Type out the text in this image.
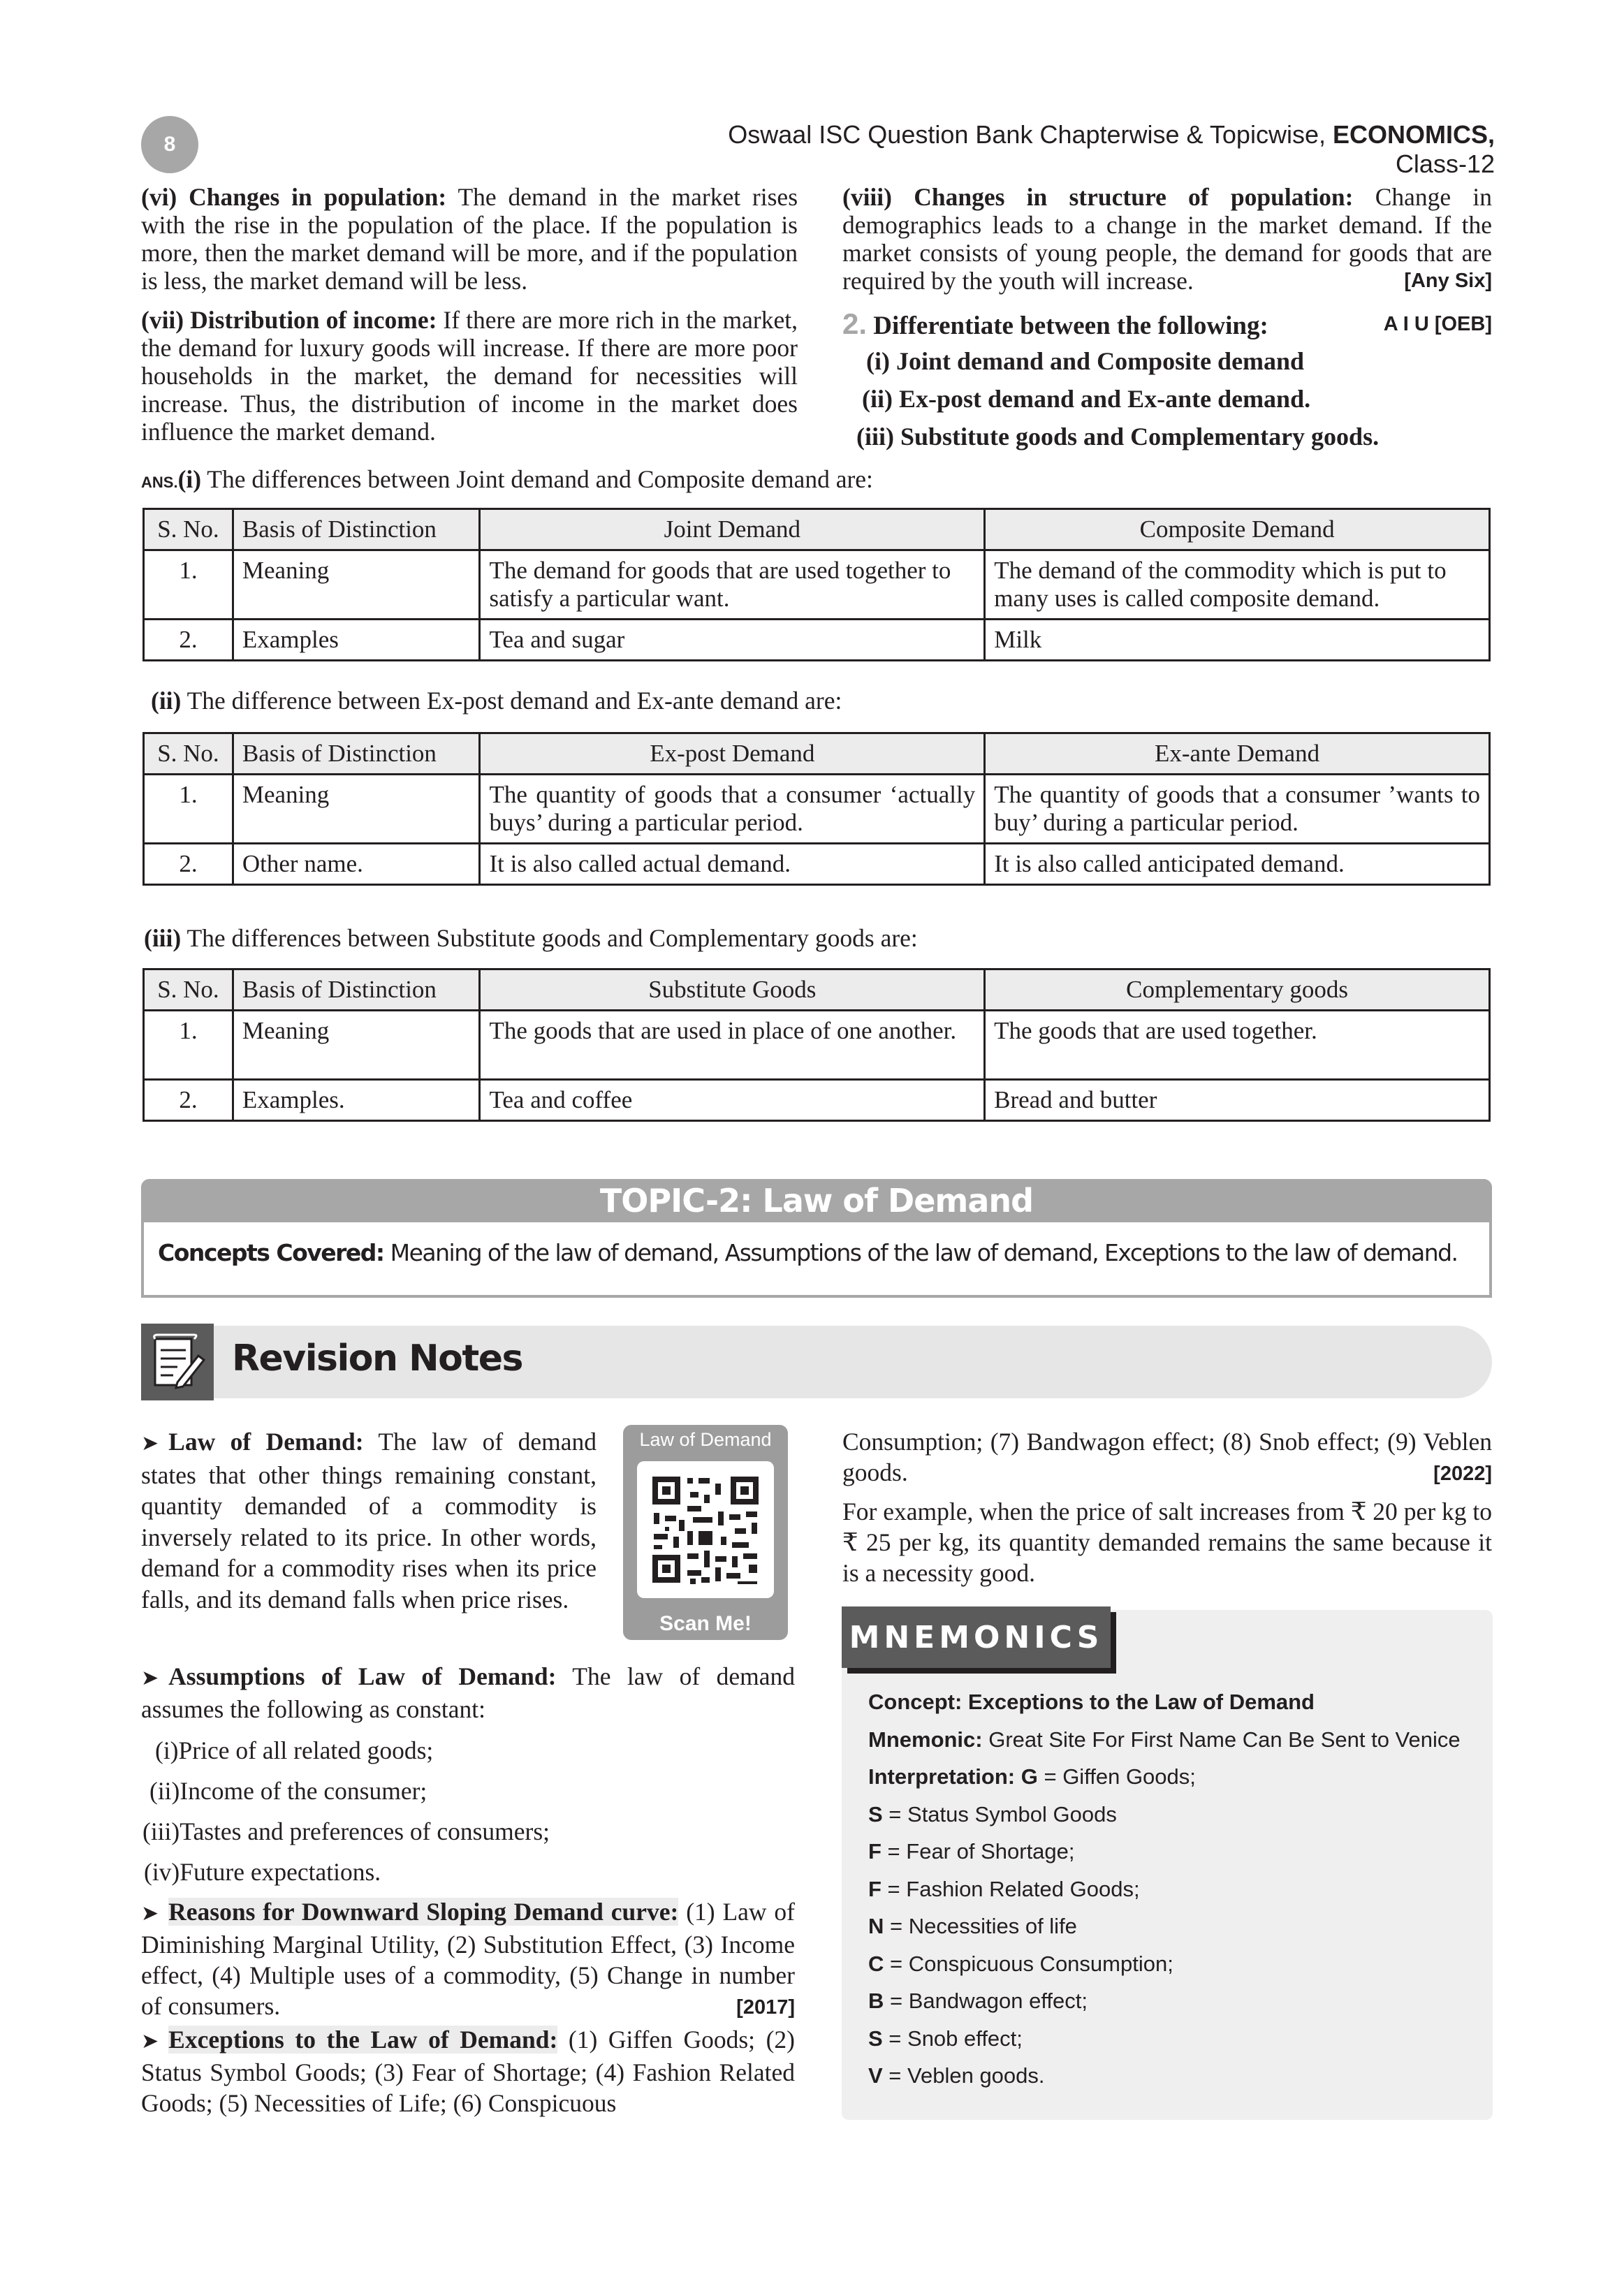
8	Oswaal ISC Question Bank Chapterwise & Topicwise, ECONOMICS, Class-12

(vi) Changes in population: The demand in the market rises with the rise in the population of the place. If the population is more, then the market demand will be more, and if the population is less, the market demand will be less.

(vii) Distribution of income: If there are more rich in the market, the demand for luxury goods will increase. If there are more poor households in the market, the demand for necessities will increase. Thus, the distribution of income in the market does influence the market demand.

(viii) Changes in structure of population: Change in demographics leads to a change in the market demand. If the market consists of young people, the demand for goods that are required by the youth will increase.	[Any Six]

2. Differentiate between the following:	A I U [OEB]
(i) Joint demand and Composite demand
(ii) Ex-post demand and Ex-ante demand.
(iii) Substitute goods and Complementary goods.
ANS.(i) The differences between Joint demand and Composite demand are:
S. No.	Basis of Distinction	Joint Demand	Composite Demand
1.	Meaning	The demand for goods that are used together to satisfy a particular want.	The demand of the commodity which is put to many uses is called composite demand.
2.	Examples	Tea and sugar	Milk
(ii) The difference between Ex-post demand and Ex-ante demand are:
S. No.	Basis of Distinction	Ex-post Demand	Ex-ante Demand
1.	Meaning	The quantity of goods that a consumer ‘actually buys’ during a particular period.	The quantity of goods that a consumer ’wants to buy’ during a particular period.
2.	Other name.	It is also called actual demand.	It is also called anticipated demand.
(iii) The differences between Substitute goods and Complementary goods are:
S. No.	Basis of Distinction	Substitute Goods	Complementary goods
1.	Meaning	The goods that are used in place of one another.	The goods that are used together.
2.	Examples.	Tea and coffee	Bread and butter
TOPIC-2: Law of Demand
Concepts Covered: Meaning of the law of demand, Assumptions of the law of demand, Exceptions to the law of demand.
Revision Notes
➤ Law of Demand: The law of demand states that other things remaining constant, quantity demanded of a commodity is inversely related to its price. In other words, demand for a commodity rises when its price falls, and its demand falls when price rises.
Law of Demand
Scan Me!

➤ Assumptions of Law of Demand: The law of demand assumes the following as constant:

(i)Price of all related goods;
(ii)Income of the consumer;
(iii)Tastes and preferences of consumers;
(iv)Future expectations.

➤ Reasons for Downward Sloping Demand curve: (1) Law of Diminishing Marginal Utility, (2) Substitution Effect, (3) Income effect, (4) Multiple uses of a commodity, (5) Change in number of consumers.	[2017]

➤ Exceptions to the Law of Demand: (1) Giffen Goods; (2) Status Symbol Goods; (3) Fear of Shortage; (4) Fashion Related Goods; (5) Necessities of Life; (6) Conspicuous

Consumption; (7) Bandwagon effect; (8) Snob effect; (9) Veblen goods.	[2022]

For example, when the price of salt increases from ₹ 20 per kg to ₹ 25 per kg, its quantity demanded remains the same because it is a necessity good.

MNEMONICS
Concept: Exceptions to the Law of Demand
Mnemonic: Great Site For First Name Can Be Sent to Venice
Interpretation: G = Giffen Goods;
S = Status Symbol Goods
F = Fear of Shortage;
F = Fashion Related Goods;
N = Necessities of life
C = Conspicuous Consumption;
B = Bandwagon effect;
S = Snob effect;
V = Veblen goods.
